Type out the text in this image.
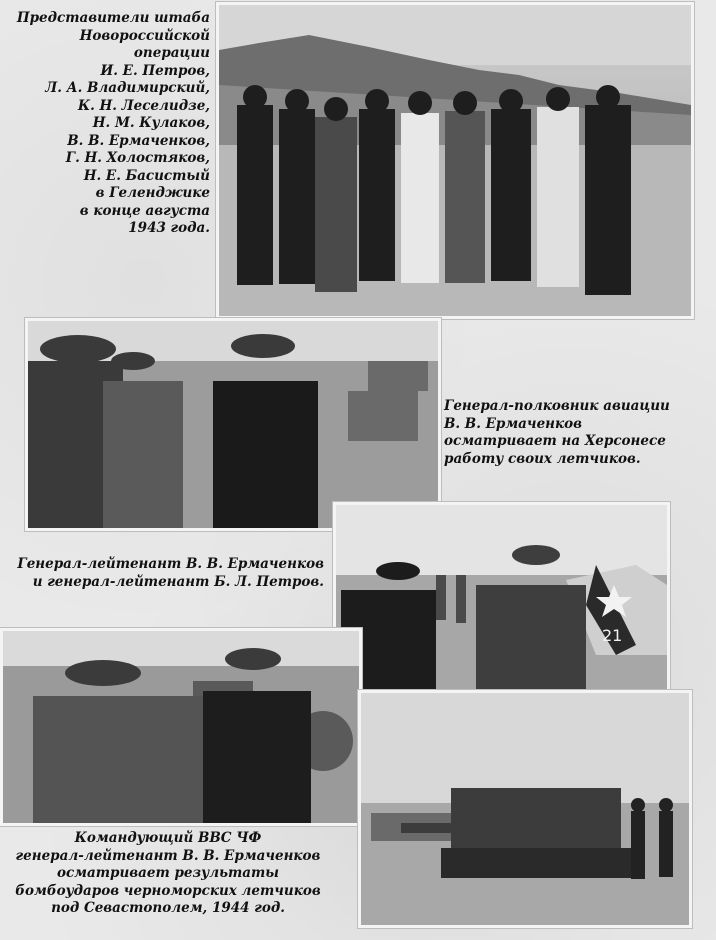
Представители штаба
Новороссийской операции
И. Е. Петров,
Л. А. Владимирский,
К. Н. Леселидзе,
Н. М. Кулаков,
В. В. Ермаченков,
Г. Н. Холостяков,
Н. Е. Басистый
в Геленджике
в конце августа
1943 года.
Генерал-полковник авиации
В. В. Ермаченков
осматривает на Херсонесе
работу своих летчиков.
21
Генерал-лейтенант В. В. Ермаченков
и генерал-лейтенант Б. Л. Петров.
Командующий ВВС ЧФ
генерал-лейтенант В. В. Ермаченков
осматривает результаты
бомбоударов черноморских летчиков
под Севастополем, 1944 год.
